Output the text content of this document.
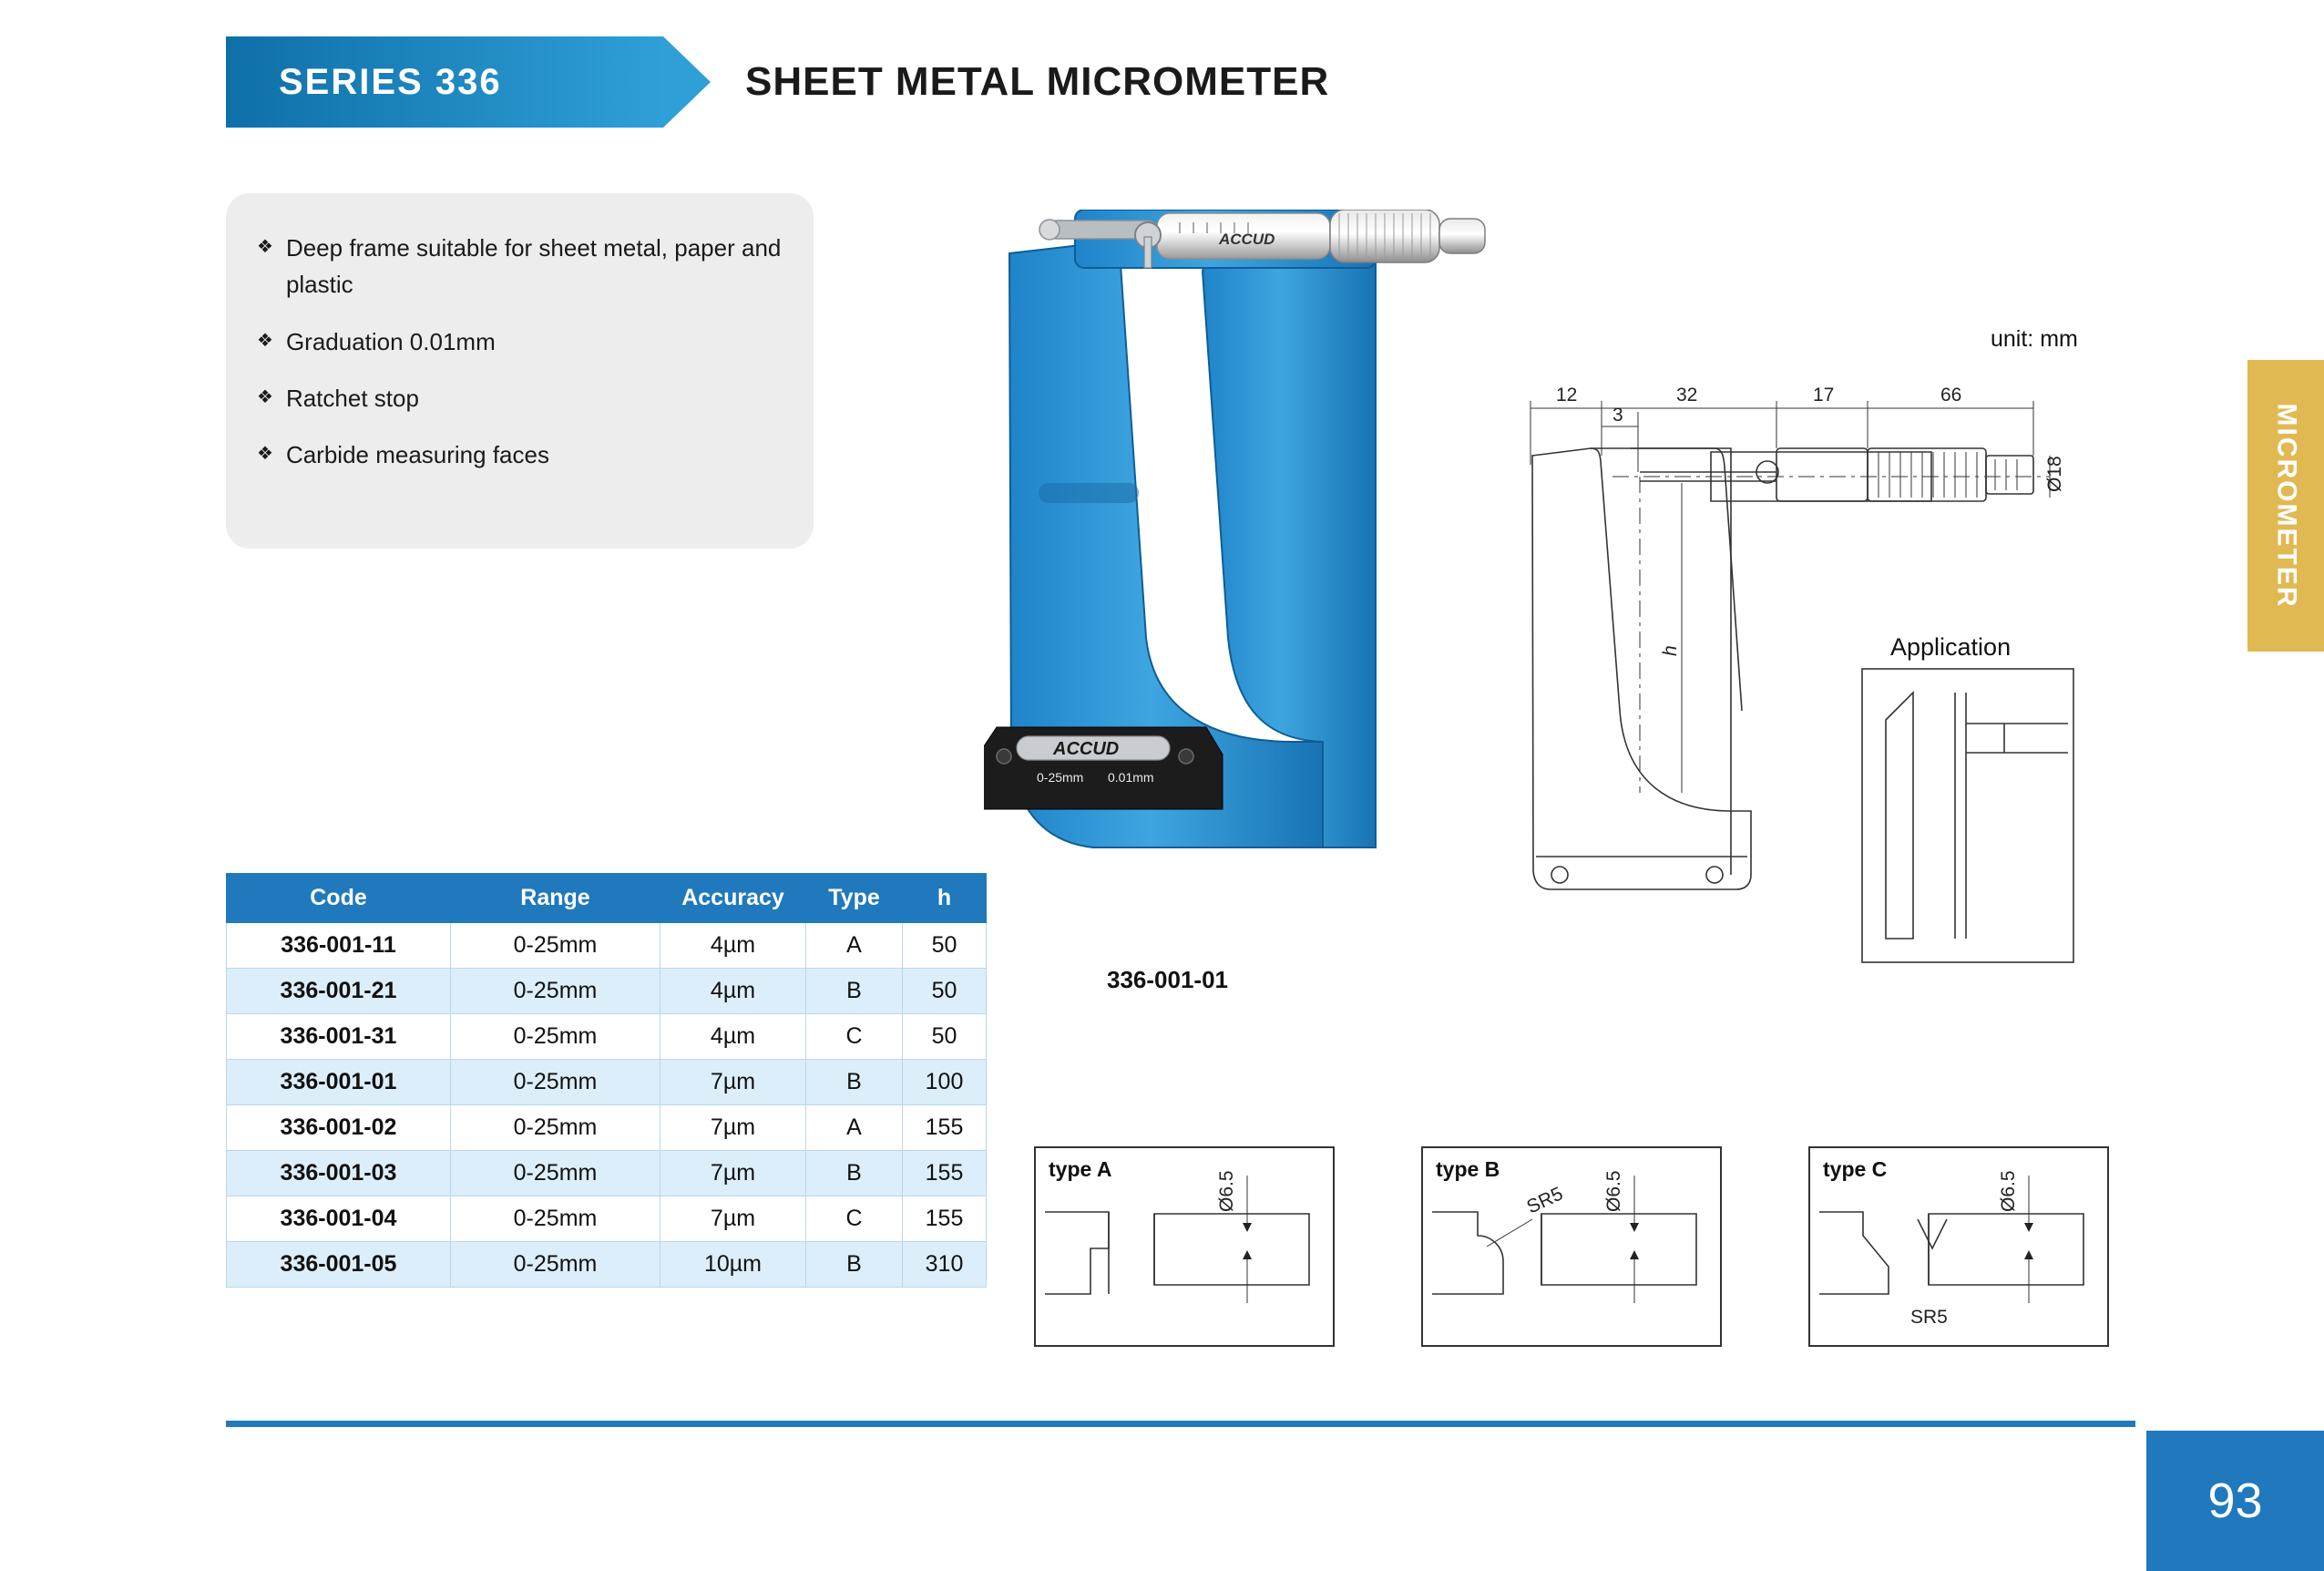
SERIES 336	SHEET METAL MICROMETER
❖ Deep frame suitable for sheet metal, paper and plastic
❖ Graduation 0.01mm
❖ Ratchet stop
❖ Carbide measuring faces	MICROMETER
ACCUD
ACCUD
0-25mm 0.01mm
336-001-01
unit: mm
12
3
32	17	66
Ø18
h	Application
type A
Ø6.5
type B
Ø6.5
SR5
type C
Ø6.5
SR5
Code	Range	Accuracy	Type	h
336-001-11	0-25mm	4µm	A	50
336-001-21	0-25mm	4µm	B	50
336-001-31	0-25mm	4µm	C	50
336-001-01	0-25mm	7µm	B	100
336-001-02	0-25mm	7µm	A	155
336-001-03	0-25mm	7µm	B	155
336-001-04	0-25mm	7µm	C	155
336-001-05	0-25mm	10µm	B	310
93
